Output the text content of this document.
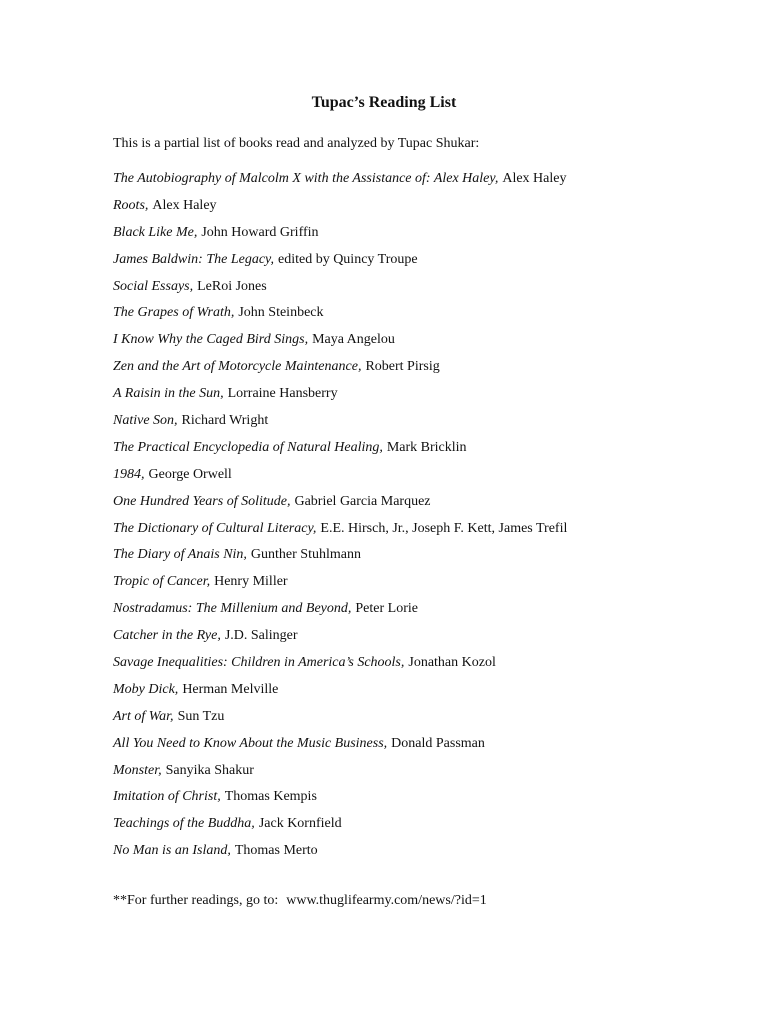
Tupac’s Reading List

This is a partial list of books read and analyzed by Tupac Shukar:

The Autobiography of Malcolm X with the Assistance of: Alex Haley, Alex Haley
Roots, Alex Haley
Black Like Me, John Howard Griffin
James Baldwin: The Legacy, edited by Quincy Troupe
Social Essays, LeRoi Jones
The Grapes of Wrath, John Steinbeck
I Know Why the Caged Bird Sings, Maya Angelou
Zen and the Art of Motorcycle Maintenance, Robert Pirsig
A Raisin in the Sun, Lorraine Hansberry
Native Son, Richard Wright
The Practical Encyclopedia of Natural Healing, Mark Bricklin
1984, George Orwell
One Hundred Years of Solitude, Gabriel Garcia Marquez
The Dictionary of Cultural Literacy, E.E. Hirsch, Jr., Joseph F. Kett, James Trefil
The Diary of Anais Nin, Gunther Stuhlmann
Tropic of Cancer, Henry Miller
Nostradamus: The Millenium and Beyond, Peter Lorie
Catcher in the Rye, J.D. Salinger
Savage Inequalities: Children in America’s Schools, Jonathan Kozol
Moby Dick, Herman Melville
Art of War, Sun Tzu
All You Need to Know About the Music Business, Donald Passman
Monster, Sanyika Shakur
Imitation of Christ, Thomas Kempis
Teachings of the Buddha, Jack Kornfield
No Man is an Island, Thomas Merto

**For further readings, go to: www.thuglifearmy.com/news/?id=1
